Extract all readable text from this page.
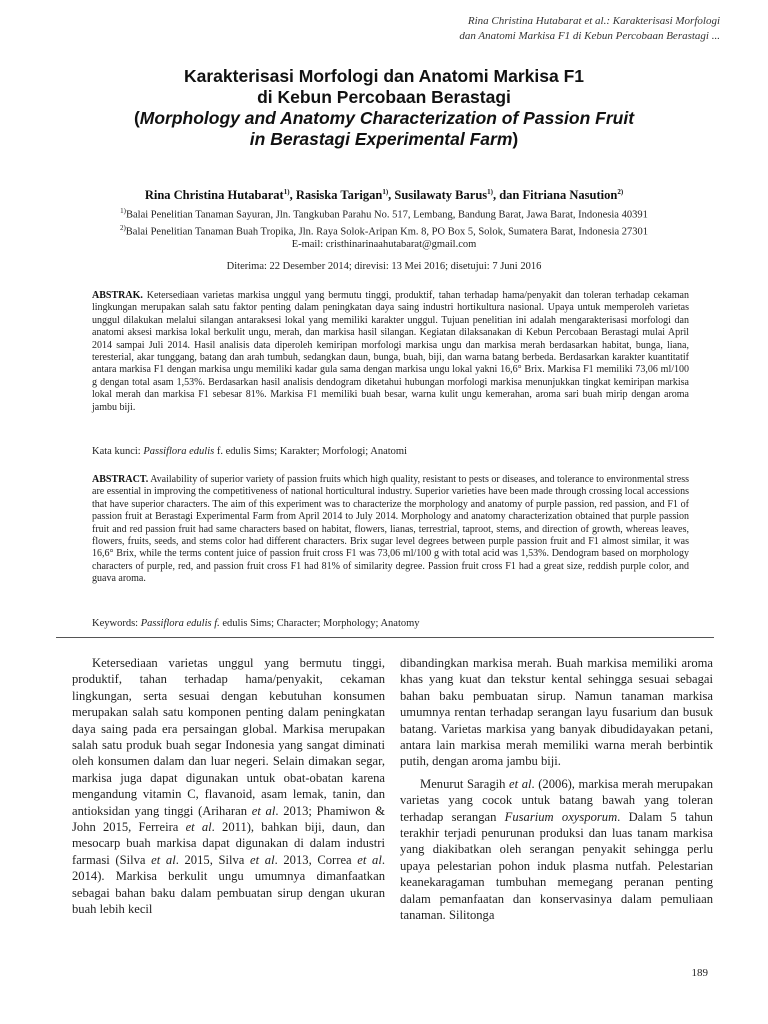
Rina Christina Hutabarat et al.: Karakterisasi Morfologi
dan Anatomi Markisa F1 di Kebun Percobaan Berastagi ...
Karakterisasi Morfologi dan Anatomi Markisa F1
di Kebun Percobaan Berastagi
(Morphology and Anatomy Characterization of Passion Fruit
in Berastagi Experimental Farm)
Rina Christina Hutabarat$^{1)}$, Rasiska Tarigan$^{1)}$, Susilawaty Barus$^{1)}$, dan Fitriana Nasution$^{2)}$
$^{1)}$Balai Penelitian Tanaman Sayuran, Jln. Tangkuban Parahu No. 517, Lembang, Bandung Barat, Jawa Barat, Indonesia 40391
$^{2)}$Balai Penelitian Tanaman Buah Tropika, Jln. Raya Solok-Aripan Km. 8, PO Box 5, Solok, Sumatera Barat, Indonesia 27301
E-mail: cristhinarinaahutabarat@gmail.com
Diterima: 22 Desember 2014; direvisi: 13 Mei 2016; disetujui: 7 Juni 2016
ABSTRAK. Ketersediaan varietas markisa unggul yang bermutu tinggi, produktif, tahan terhadap hama/penyakit dan toleran terhadap cekaman lingkungan merupakan salah satu faktor penting dalam peningkatan daya saing industri hortikultura nasional. Upaya untuk memperoleh varietas unggul dilakukan melalui silangan antaraksesi lokal yang memiliki karakter unggul. Tujuan penelitian ini adalah mengarakterisasi morfologi dan anatomi aksesi markisa lokal berkulit ungu, merah, dan markisa hasil silangan. Kegiatan dilaksanakan di Kebun Percobaan Berastagi mulai April 2014 sampai Juli 2014. Hasil analisis data diperoleh kemiripan morfologi markisa ungu dan markisa merah berdasarkan habitat, bunga, liana, teresterial, akar tunggang, batang dan arah tumbuh, sedangkan daun, bunga, buah, biji, dan warna batang berbeda. Berdasarkan karakter kuantitatif antara markisa F1 dengan markisa ungu memiliki kadar gula sama dengan markisa ungu lokal yakni 16,6° Brix. Markisa F1 memiliki 73,06 ml/100 g dengan total asam 1,53%. Berdasarkan hasil analisis dendogram diketahui hubungan morfologi markisa menunjukkan tingkat kemiripan markisa lokal merah dan markisa F1 sebesar 81%. Markisa F1 memiliki buah besar, warna kulit ungu kemerahan, aroma sari buah mirip dengan aroma jambu biji.
Kata kunci: Passiflora edulis f. edulis Sims; Karakter; Morfologi; Anatomi
ABSTRACT. Availability of superior variety of passion fruits which high quality, resistant to pests or diseases, and tolerance to environmental stress are essential in improving the competitiveness of national horticultural industry. Superior varieties have been made through crossing local accessions that have superior characters. The aim of this experiment was to characterize the morphology and anatomy of purple passion, red passion, and F1 of passion fruit at Berastagi Experimental Farm from April 2014 to July 2014. Morphology and anatomy characterization obtained that purple passion fruit and red passion fruit had same characters based on habitat, flowers, lianas, terrestrial, taproot, stems, and direction of growth, whereas leaves, flowers, fruits, seeds, and stems color had different characters. Brix sugar level degrees between purple passion fruit and F1 almost similar, it was 16,6° Brix, while the terms content juice of passion fruit cross F1 was 73,06 ml/100 g with total acid was 1,53%. Dendogram based on morphology characters of purple, red, and passion fruit cross F1 had 81% of similarity degree. Passion fruit cross F1 had a great size, reddish purple color, and guava aroma.
Keywords: Passiflora edulis f. edulis Sims; Character; Morphology; Anatomy

Ketersediaan varietas unggul yang bermutu tinggi, produktif, tahan terhadap hama/penyakit, cekaman lingkungan, serta sesuai dengan kebutuhan konsumen merupakan salah satu komponen penting dalam peningkatan daya saing pada era persaingan global. Markisa merupakan salah satu produk buah segar Indonesia yang sangat diminati oleh konsumen dalam dan luar negeri. Selain dimakan segar, markisa juga dapat digunakan untuk obat-obatan karena mengandung vitamin C, flavanoid, asam lemak, tanin, dan antioksidan yang tinggi (Ariharan et al. 2013; Phamiwon & John 2015, Ferreira et al. 2011), bahkan biji, daun, dan mesocarp buah markisa dapat digunakan di dalam industri farmasi (Silva et al. 2015, Silva et al. 2013, Correa et al. 2014). Markisa berkulit ungu umumnya dimanfaatkan sebagai bahan baku dalam pembuatan sirup dengan ukuran buah lebih kecil

dibandingkan markisa merah. Buah markisa memiliki aroma khas yang kuat dan tekstur kental sehingga sesuai sebagai bahan baku pembuatan sirup. Namun tanaman markisa umumnya rentan terhadap serangan layu fusarium dan busuk batang. Varietas markisa yang banyak dibudidayakan petani, antara lain markisa merah memiliki warna merah berbintik putih, dengan aroma jambu biji.

Menurut Saragih et al. (2006), markisa merah merupakan varietas yang cocok untuk batang bawah yang toleran terhadap serangan Fusarium oxysporum. Dalam 5 tahun terakhir terjadi penurunan produksi dan luas tanam markisa yang diakibatkan oleh serangan penyakit sehingga perlu upaya pelestarian pohon induk plasma nutfah. Pelestarian keanekaragaman tumbuhan memegang peranan penting dalam pemanfaatan dan konservasinya dalam pemuliaan tanaman. Silitonga

189
